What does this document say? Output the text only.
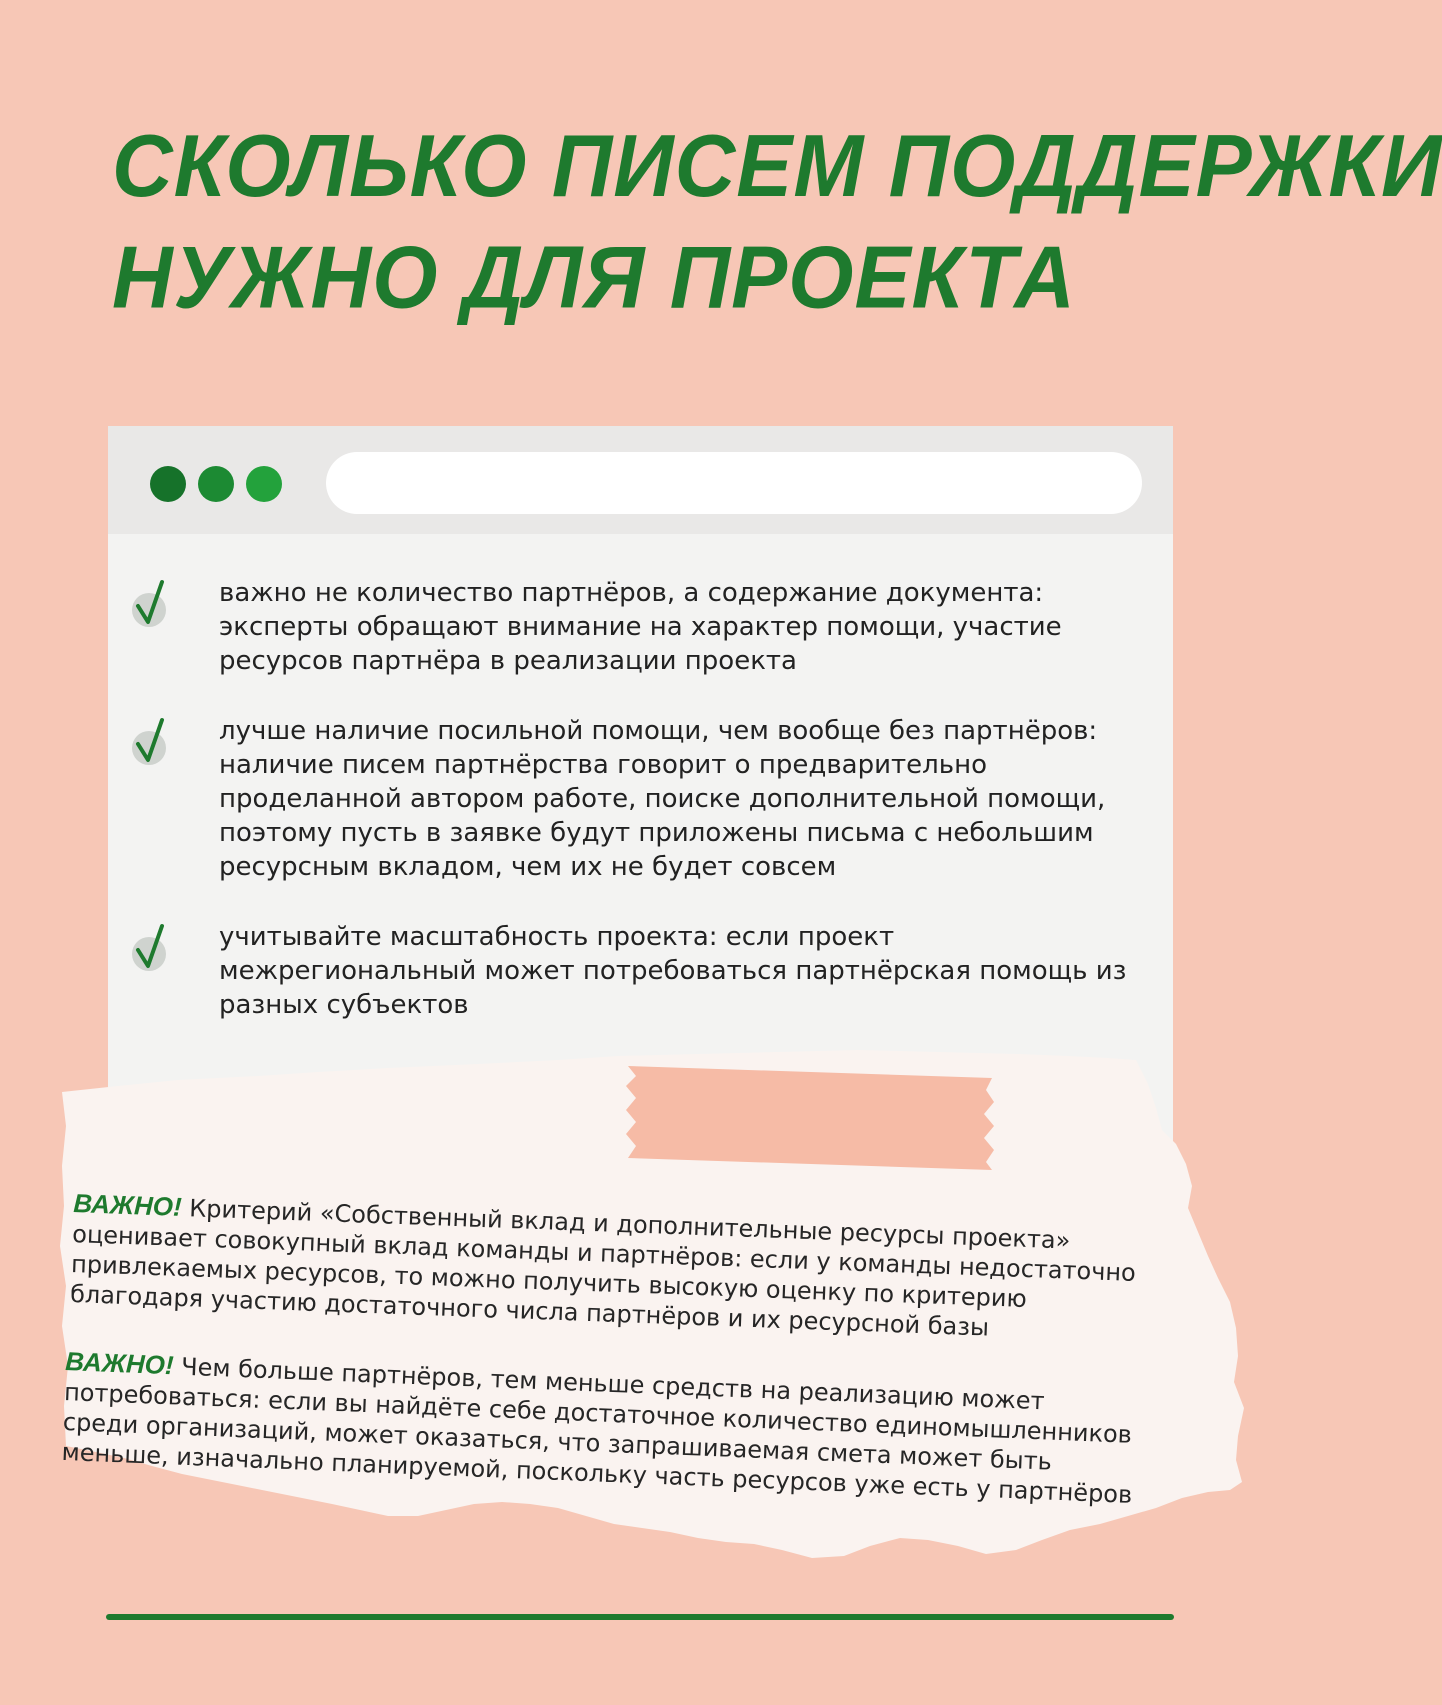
СКОЛЬКО ПИСЕМ ПОДДЕРЖКИ
НУЖНО ДЛЯ ПРОЕКТА

важно не количество партнёров, а содержание документа: эксперты обращают внимание на характер помощи, участие ресурсов партнёра в реализации проекта

лучше наличие посильной помощи, чем вообще без партнёров: наличие писем партнёрства говорит о предварительно проделанной автором работе, поиске дополнительной помощи, поэтому пусть в заявке будут приложены письма с небольшим ресурсным вкладом, чем их не будет совсем

учитывайте масштабность проекта: если проект межрегиональный может потребоваться партнёрская помощь из разных субъектов

ВАЖНО! Критерий «Собственный вклад и дополнительные ресурсы проекта» оценивает совокупный вклад команды и партнёров: если у команды недостаточно привлекаемых ресурсов, то можно получить высокую оценку по критерию благодаря участию достаточного числа партнёров и их ресурсной базы

ВАЖНО! Чем больше партнёров, тем меньше средств на реализацию может потребоваться: если вы найдёте себе достаточное количество единомышленников среди организаций, может оказаться, что запрашиваемая смета может быть меньше, изначально планируемой, поскольку часть ресурсов уже есть у партнёров
